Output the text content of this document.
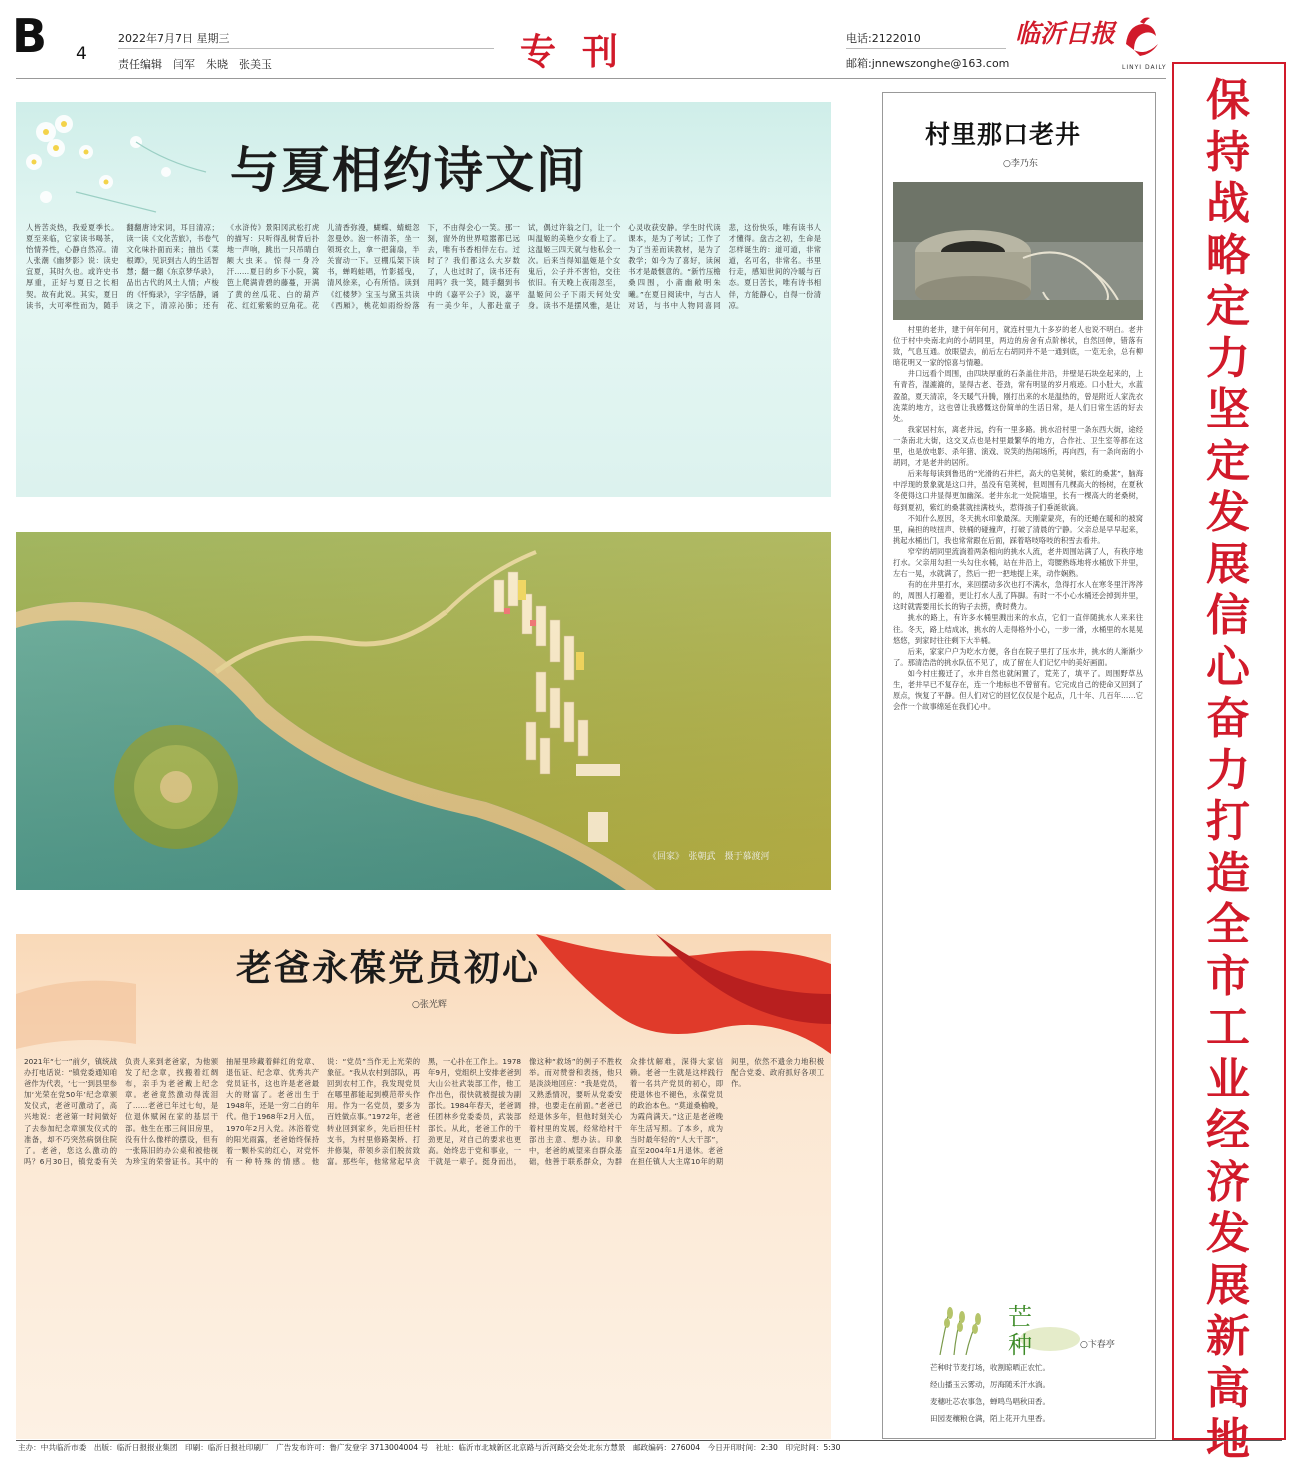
B 4
2022年7月7日 星期三
责任编辑　闫军　朱晓　张美玉	专刊	电话:2122010
邮箱:jnnewszonghe@163.com
临沂日报
LINYI DAILY
与夏相约诗文间
人皆苦炎热，我爱夏季长。夏至来临，它家读书喝茶，怡情养性，心静自然凉。清人张潮《幽梦影》说：读史宜夏，其时久也。或许史书厚重，正好与夏日之长相契。故有此说。其实，夏日读书，大可率性而为，随手翻翻唐诗宋词，耳目清凉；读一读《文化苦旅》，书卷气文化味扑面而来；抽出《菜根谭》，见识到古人的生活智慧；翻一翻《东京梦华录》，品出古代的风土人情；卢梭的《忏悔录》，字字恬静，诵读之下，清凉沁肺；还有《水浒传》景阳冈武松打虎的描写：只听得乱树背后扑地一声响，跳出一只吊睛白额大虫来。惊得一身冷汗……夏日的乡下小院，篱笆上爬满青碧的藤蔓，开满了黄的丝瓜花、白的葫芦花、红红紫紫的豆角花。花儿清香弥漫，蝴蝶、蜻蜓忽忽曼妙。泡一杯清茶，坐一领斑衣上，拿一把蒲扇，半关窗动一下。豆棚瓜架下读书，蝉鸣蛙唱，竹影摇曳，清风徐来，心有所悟。读到《红楼梦》宝玉与黛玉共读《西厢》，桃花如雨纷纷落下，不由得会心一笑。那一刻，窗外的世界喧嚣都已远去，唯有书香相伴左右。过时了？我们都这么大岁数了，人也过时了，读书还有用吗？我一笑，随手翻到书中的《嘉平公子》说，嘉平有一美少年，人都赴童子试，偶过许翁之门，让一个叫温姬的美艳少女看上了。这温姬三四天就与他私会一次。后来当得知温姬是个女鬼后，公子并不害怕，交往依旧。有天晚上夜雨忽至，温姬问公子下雨天何处安身。读书不是摆风雅，是让心灵收获安静。学生时代读课本，是为了考试；工作了为了当差而读教材，是为了教学；如今为了喜好，读闲书才是最惬意的。“新竹压檐桑四围，小斋幽敞明朱曦。”在夏日阅读中，与古人对话，与书中人物同喜同悲，这份快乐，唯有读书人才懂得。盘古之初，生命是怎样诞生的：道可道，非常道，名可名，非常名。书里行走，感知世间的冷暖与百态。夏日苦长，唯有诗书相伴，方能静心，自得一份清凉。
《回家》　张朝武　摄于慕渡河
老爸永葆党员初心
○张光辉
2021年“七一”前夕，镇统战办打电话说：“镇党委通知咱爸作为代表，‘七一’到县里参加‘光荣在党50年’纪念章颁发仪式，老爸可激动了，高兴地说：老爸第一时间做好了去参加纪念章颁发仪式的准备，却不巧突然病倒住院了。老爸，您这么激动的吗？6月30日，镇党委有关负责人来到老爸家，为他颁发了纪念章，找搬着红绸布，亲手为老爸戴上纪念章。老爸竟然激动得流泪了……老爸已年过七旬，是位退休赋闲在家的基层干部。他生在那三间旧房里，没有什么像样的摆设，但有一张陈旧的办公桌和被他视为珍宝的荣誉证书。其中的抽屉里珍藏着鲜红的党章、退伍证、纪念章、优秀共产党员证书，这也许是老爸最大的财富了。老爸出生于1948年，还是一穷二白的年代。他于1968年2月入伍，1970年2月入党。沐浴着党的阳光雨露，老爸始终保持着一颗朴实的红心，对党怀有一种特殊的情感。他说：“党员”当作无上光荣的象征。“我从农村到部队，再回到农村工作，我发现党员在哪里都能起到模范带头作用。作为一名党员，要多为百姓做点事。”1972年，老爸转业回到家乡，先后担任村支书，为村里修路架桥、打井修渠，带领乡亲们脱贫致富。那些年，他常常起早贪黑，一心扑在工作上。1978年9月，党组织上安排老爸到大山公社武装部工作，他工作出色，很快就被提拔为副部长。1984年春天，老爸调任团林乡党委委员，武装部部长。从此，老爸工作的干劲更足，对自己的要求也更高。始终忠于党和事业，一干就是一辈子。挺身而出，像这种“救场”的例子不胜枚举。而对赞誉和表扬，他只是淡淡地回应：“我是党员，又熟悉情况，要听从党委安排，也要走在前面。”老爸已经退休多年，但他时刻关心着村里的发展，经常给村干部出主意、想办法。印象中，老爸的威望来自群众基础，他善于联系群众，为群众排忧解难，深得大家信赖。老爸一生就是这样践行着一名共产党员的初心，即使退休也不褪色，永葆党员的政治本色。“莫道桑榆晚，为霞尚满天。”这正是老爸晚年生活写照。了本乡，成为当时最年轻的“人大干部”，直至2004年1月退休。老爸在担任镇人大主席10年的期间里，依然不遗余力地积极配合党委、政府抓好各项工作。
村里那口老井
○李乃东

村里的老井，建于何年何月，就连村里九十多岁的老人也说不明白。老井位于村中央南北向的小胡同里，两边的房舍有点阶梯状，自然回伸，错落有致，气息互通。放眼望去，前后左右胡同并不是一通到底，一览无余，总有柳暗花明又一家的惊喜与情趣。

井口远看个周围，由四块厚重的石条盖住井沿，井壁是石块垒起来的，上有青苔，湿漉漉的，显得古老、苍劲，常有明显的岁月痕迹。口小肚大，水蓝盈盈，夏天清凉，冬天暖气升腾，刚打出来的水是温热的，曾是附近人家洗衣洗菜的地方，这也曾让我感慨这份简单的生活日常，是人们日常生活的好去处。

我家居村东，离老井远，约有一里多路。挑水沿村里一条东西大街，途经一条南北大街，这交叉点也是村里最繁华的地方，合作社、卫生室等都在这里，也是放电影、杀年猪、演戏、说笑的热闹场所，再向西，有一条向南的小胡同，才是老井的居所。

后来每每读到鲁迅的“光滑的石井栏，高大的皂荚树，紫红的桑葚”，脑海中浮现的景象就是这口井，虽没有皂荚树，但周围有几棵高大的杨树，在夏秋冬使得这口井显得更加幽深。老井东北一处院墙里，长有一棵高大的老桑树，每到夏初，紫红的桑葚就挂满枝头，惹得孩子们垂涎欲滴。

不知什么原因，冬天挑水印象最深。天刚蒙蒙亮，有的还蜷在暖和的被窝里，扁担的吱扭声、铁桶的碰撞声，打破了清晨的宁静。父亲总是早早起来，挑起水桶出门，我也常常跟在后面，踩着咯吱咯吱的积雪去看井。

窄窄的胡同里流淌着两条相向的挑水人流，老井周围站满了人，有秩序地打水。父亲用勾担一头勾住水桶，站在井沿上，弯腰熟练地将水桶放下井里，左右一晃，水就满了，然后一把一把地提上来，动作娴熟。

有的在井里打水，来回摆动多次也打不满水，急得打水人在寒冬里汗涔涔的，周围人打趣着，更让打水人乱了阵脚。有时一不小心水桶还会掉到井里，这时就需要用长长的钩子去捞，费时费力。

挑水的路上，有许多水桶里溅出来的水点，它们一直伴随挑水人来来往往。冬天，路上结成冰，挑水的人走得格外小心，一步一滑，水桶里的水晃晃悠悠，到家时往往剩下大半桶。

后来，家家户户为吃水方便，各自在院子里打了压水井，挑水的人渐渐少了。那清浩浩的挑水队伍不见了，成了留在人们记忆中的美好画面。

如今村庄搬迁了，水井自然也就闲置了，荒芜了，填平了。周围野草丛生，老井早已不复存在，连一个地标也不曾留有。它完成自己的使命又回到了原点，恢复了平静。但人们对它的回忆仅仅是个起点，几十年、几百年……它会作一个故事绵延在我们心中。

芒种	○卞春亭
芒种时节麦打场，收割晾晒正农忙。
经山播玉云雾动，厉海随禾汗水淌。
麦穗吐芯农事急，蝉鸣鸟唱秋田香。
田园麦穰粮仓满，陌上花开九里香。
保持战略定力坚定发展信心奋力打造全市工业经济发展新高地
主办：中共临沂市委　出版：临沂日报报业集团　印刷：临沂日报社印刷厂　广告发布许可：鲁广发登字 3713004004 号　社址：临沂市北城新区北京路与沂河路交会处北东方慧景　邮政编码：276004　今日开印时间：2:30　印完时间：5:30
